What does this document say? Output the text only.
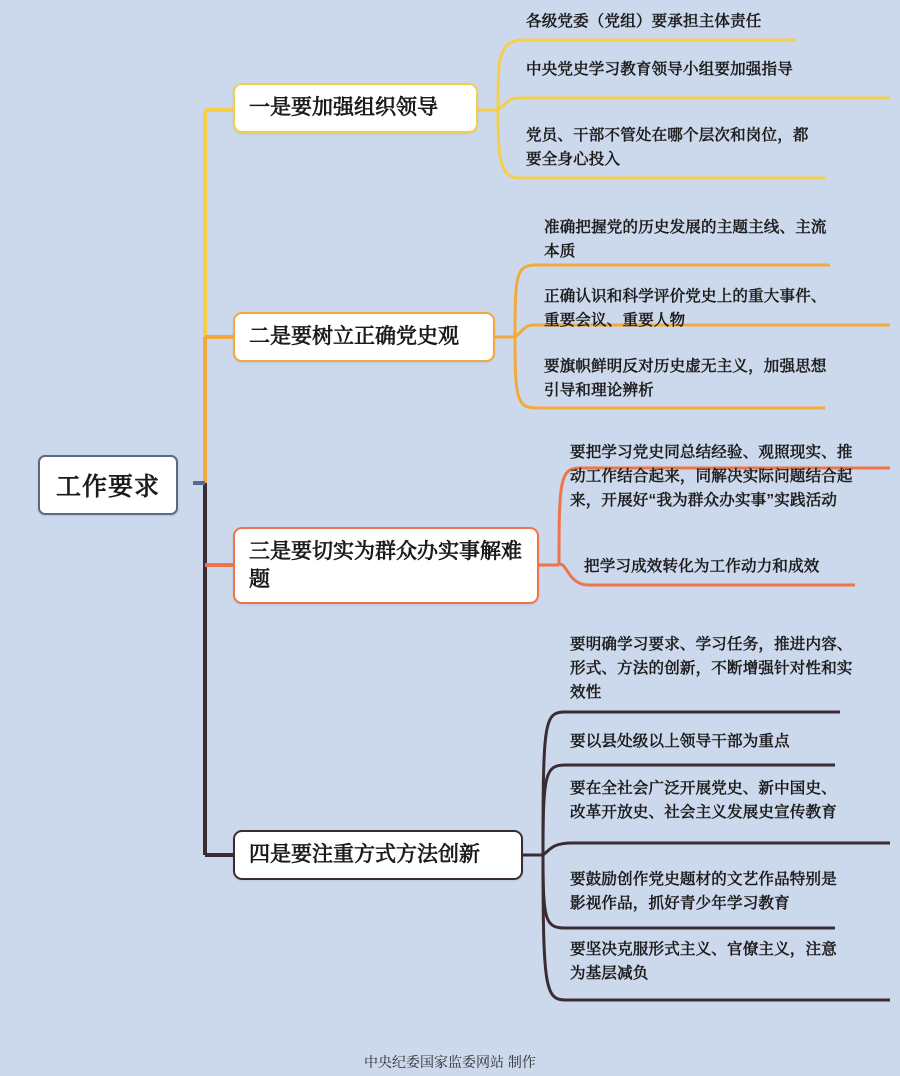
工作要求
一是要加强组织领导
各级党委（党组）要承担主体责任
中央党史学习教育领导小组要加强指导
党员、干部不管处在哪个层次和岗位，都要全身心投入
二是要树立正确党史观
准确把握党的历史发展的主题主线、主流本质
正确认识和科学评价党史上的重大事件、重要会议、重要人物
要旗帜鲜明反对历史虚无主义，加强思想引导和理论辨析
三是要切实为群众办实事解难题
要把学习党史同总结经验、观照现实、推动工作结合起来，同解决实际问题结合起来，开展好“我为群众办实事”实践活动
把学习成效转化为工作动力和成效
四是要注重方式方法创新
要明确学习要求、学习任务，推进内容、形式、方法的创新，不断增强针对性和实效性
要以县处级以上领导干部为重点
要在全社会广泛开展党史、新中国史、改革开放史、社会主义发展史宣传教育
要鼓励创作党史题材的文艺作品特别是影视作品，抓好青少年学习教育
要坚决克服形式主义、官僚主义，注意为基层减负
中央纪委国家监委网站 制作
